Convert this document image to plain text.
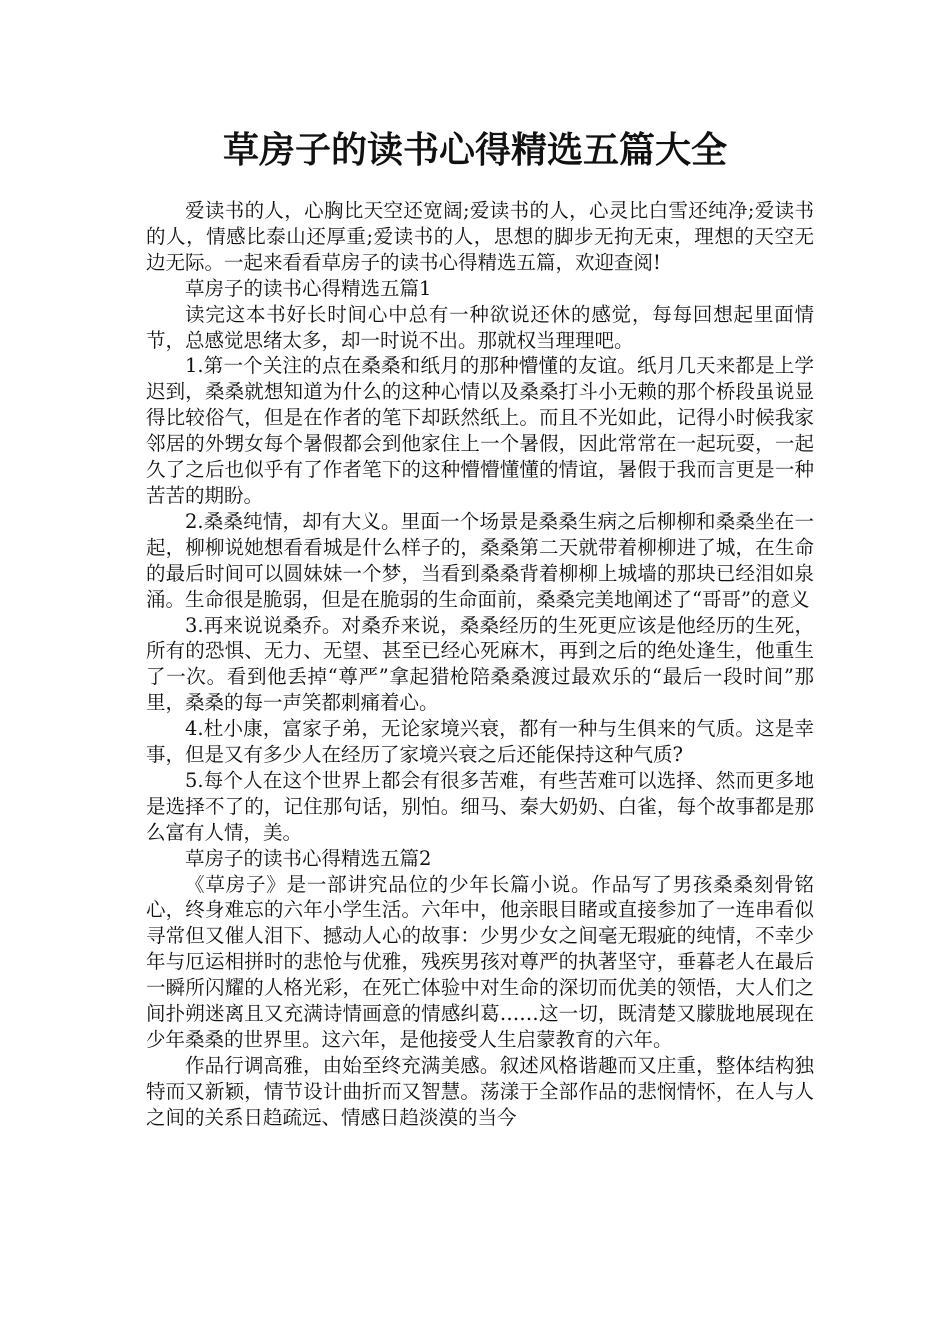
草房子的读书心得精选五篇大全

爱读书的人，心胸比天空还宽阔;爱读书的人，心灵比白雪还纯净;爱读书的人，情感比泰山还厚重;爱读书的人，思想的脚步无拘无束，理想的天空无边无际。一起来看看草房子的读书心得精选五篇，欢迎查阅!

草房子的读书心得精选五篇1

读完这本书好长时间心中总有一种欲说还休的感觉，每每回想起里面情节，总感觉思绪太多，却一时说不出。那就权当理理吧。

1.第一个关注的点在桑桑和纸月的那种懵懂的友谊。纸月几天来都是上学迟到，桑桑就想知道为什么的这种心情以及桑桑打斗小无赖的那个桥段虽说显得比较俗气，但是在作者的笔下却跃然纸上。而且不光如此，记得小时候我家邻居的外甥女每个暑假都会到他家住上一个暑假，因此常常在一起玩耍，一起久了之后也似乎有了作者笔下的这种懵懵懂懂的情谊，暑假于我而言更是一种苦苦的期盼。

2.桑桑纯情，却有大义。里面一个场景是桑桑生病之后柳柳和桑桑坐在一起，柳柳说她想看看城是什么样子的，桑桑第二天就带着柳柳进了城，在生命的最后时间可以圆妹妹一个梦，当看到桑桑背着柳柳上城墙的那块已经泪如泉涌。生命很是脆弱，但是在脆弱的生命面前，桑桑完美地阐述了“哥哥”的意义

3.再来说说桑乔。对桑乔来说，桑桑经历的生死更应该是他经历的生死，所有的恐惧、无力、无望、甚至已经心死麻木，再到之后的绝处逢生，他重生了一次。看到他丢掉“尊严”拿起猎枪陪桑桑渡过最欢乐的“最后一段时间”那里，桑桑的每一声笑都刺痛着心。

4.杜小康，富家子弟，无论家境兴衰，都有一种与生俱来的气质。这是幸事，但是又有多少人在经历了家境兴衰之后还能保持这种气质?

5.每个人在这个世界上都会有很多苦难，有些苦难可以选择、然而更多地是选择不了的，记住那句话，别怕。细马、秦大奶奶、白雀，每个故事都是那么富有人情，美。

草房子的读书心得精选五篇2

《草房子》是一部讲究品位的少年长篇小说。作品写了男孩桑桑刻骨铭心，终身难忘的六年小学生活。六年中，他亲眼目睹或直接参加了一连串看似寻常但又催人泪下、撼动人心的故事：少男少女之间毫无瑕疵的纯情，不幸少年与厄运相拼时的悲怆与优雅，残疾男孩对尊严的执著坚守，垂暮老人在最后一瞬所闪耀的人格光彩，在死亡体验中对生命的深切而优美的领悟，大人们之间扑朔迷离且又充满诗情画意的情感纠葛……这一切，既清楚又朦胧地展现在少年桑桑的世界里。这六年，是他接受人生启蒙教育的六年。

作品行调高雅，由始至终充满美感。叙述风格谐趣而又庄重，整体结构独特而又新颖，情节设计曲折而又智慧。荡漾于全部作品的悲悯情怀，在人与人之间的关系日趋疏远、情感日趋淡漠的当今
